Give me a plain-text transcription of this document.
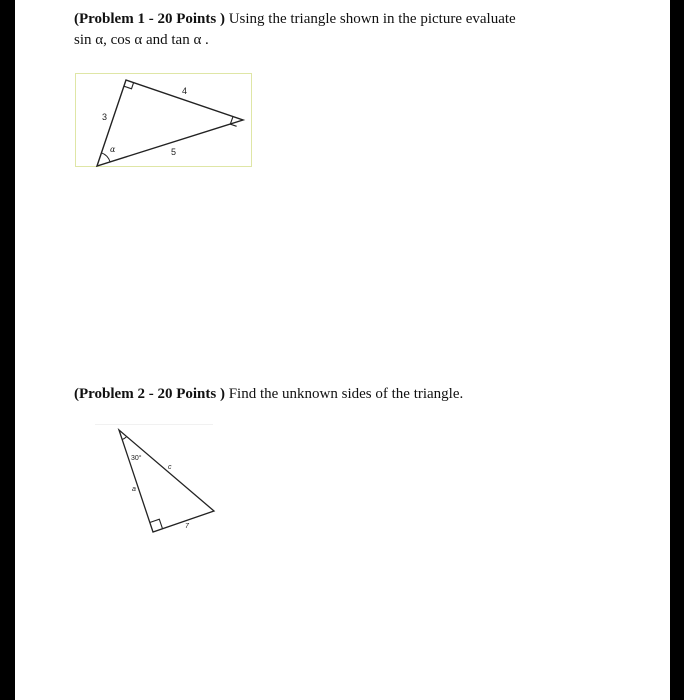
(Problem 1 - 20 Points ) Using the triangle shown in the picture evaluate
sin α, cos α and tan α .

3
4
5
α

(Problem 2 - 20 Points ) Find the unknown sides of the triangle.

30°
a
c
7
